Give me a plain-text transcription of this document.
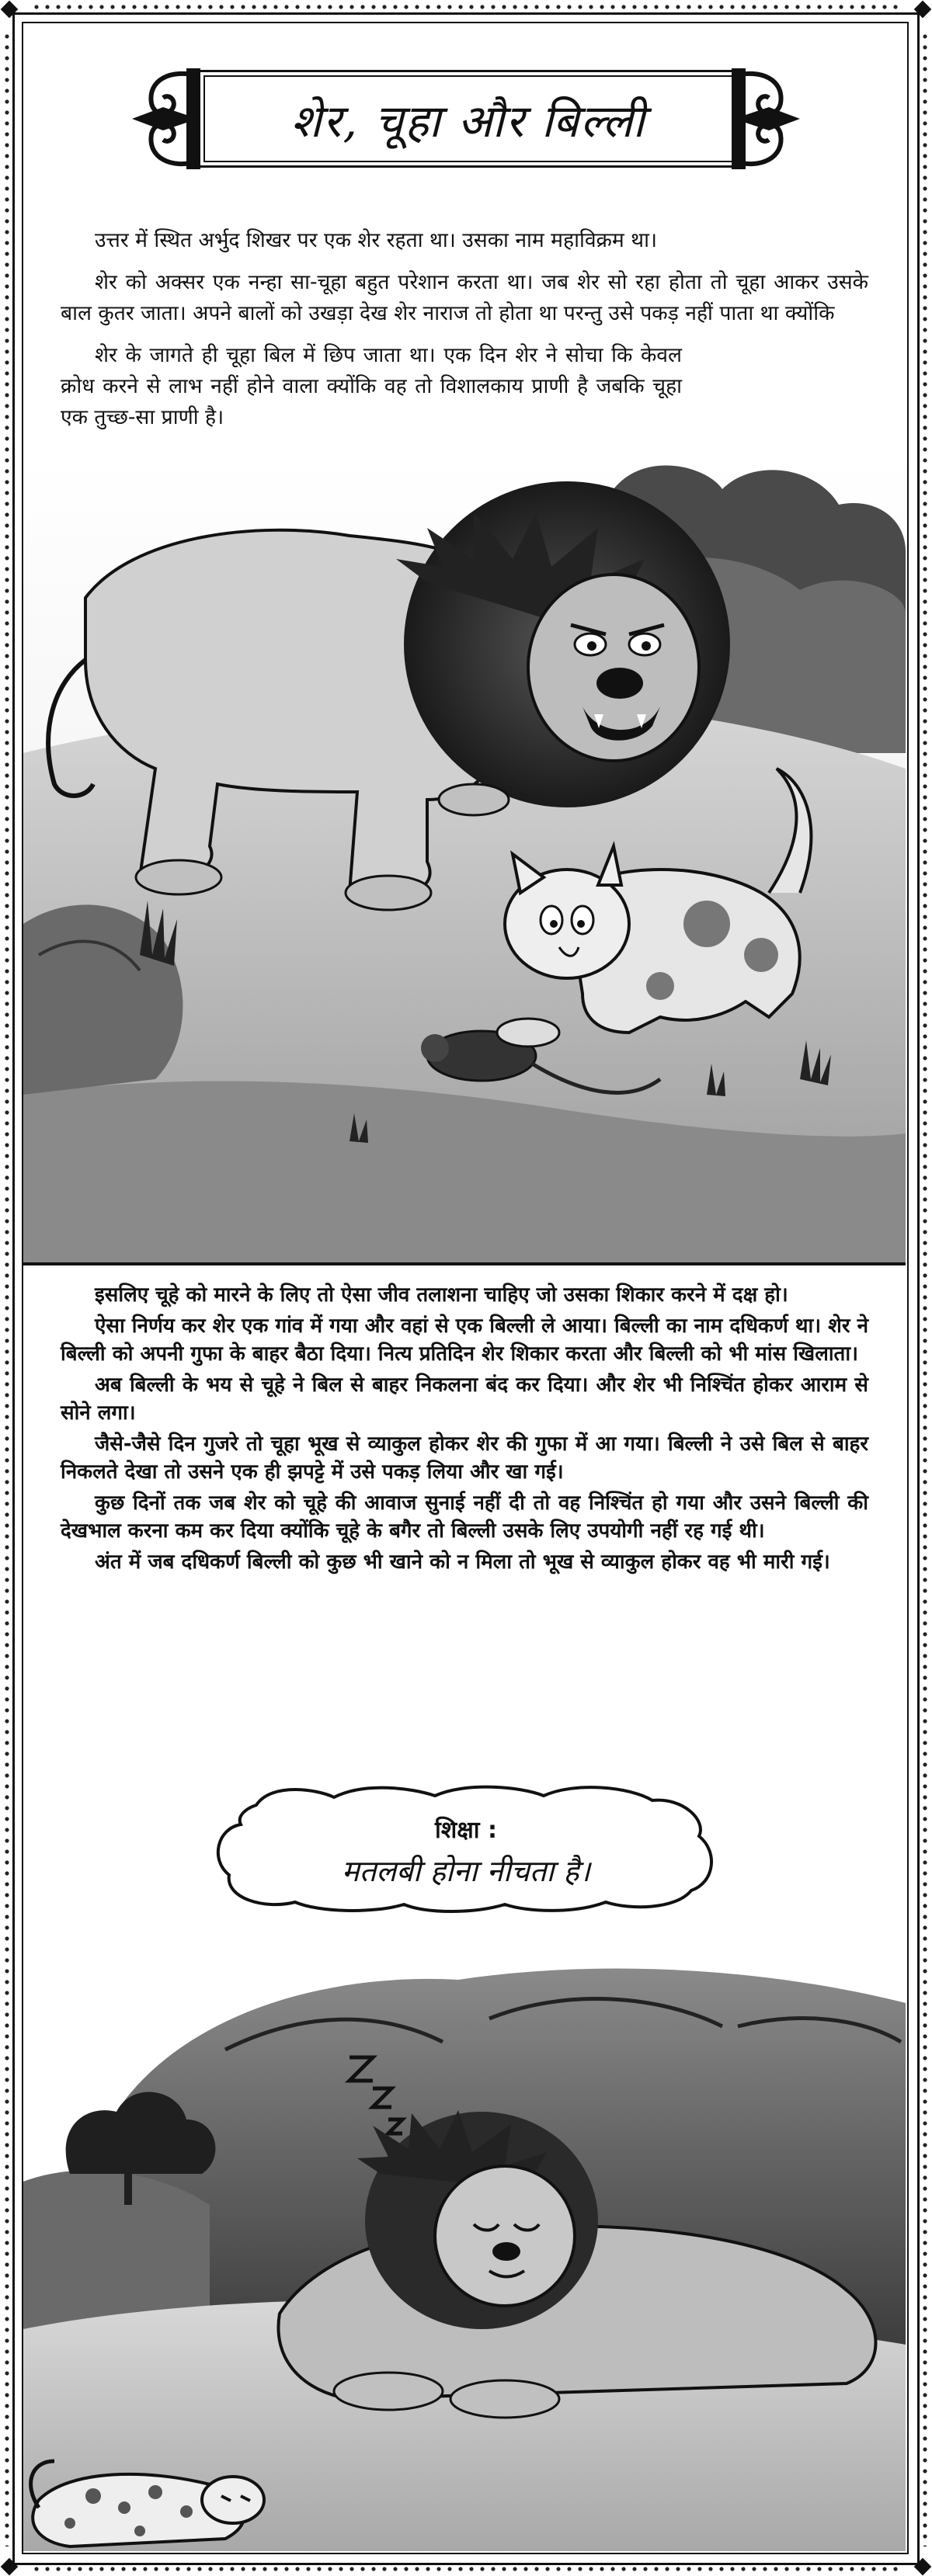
शेर, चूहा और बिल्ली

उत्तर में स्थित अर्भुद शिखर पर एक शेर रहता था। उसका नाम महाविक्रम था।

शेर को अक्सर एक नन्हा सा-चूहा बहुत परेशान करता था। जब शेर सो रहा होता तो चूहा आकर उसके बाल कुतर जाता। अपने बालों को उखड़ा देख शेर नाराज तो होता था परन्तु उसे पकड़ नहीं पाता था क्योंकि

शेर के जागते ही चूहा बिल में छिप जाता था। एक दिन शेर ने सोचा कि केवल क्रोध करने से लाभ नहीं होने वाला क्योंकि वह तो विशालकाय प्राणी है जबकि चूहा एक तुच्छ-सा प्राणी है।

इसलिए चूहे को मारने के लिए तो ऐसा जीव तलाशना चाहिए जो उसका शिकार करने में दक्ष हो।

ऐसा निर्णय कर शेर एक गांव में गया और वहां से एक बिल्ली ले आया। बिल्ली का नाम दधिकर्ण था। शेर ने बिल्ली को अपनी गुफा के बाहर बैठा दिया। नित्य प्रतिदिन शेर शिकार करता और बिल्ली को भी मांस खिलाता।

अब बिल्ली के भय से चूहे ने बिल से बाहर निकलना बंद कर दिया। और शेर भी निश्चिंत होकर आराम से सोने लगा।

जैसे-जैसे दिन गुजरे तो चूहा भूख से व्याकुल होकर शेर की गुफा में आ गया। बिल्ली ने उसे बिल से बाहर निकलते देखा तो उसने एक ही झपट्टे में उसे पकड़ लिया और खा गई।

कुछ दिनों तक जब शेर को चूहे की आवाज सुनाई नहीं दी तो वह निश्चिंत हो गया और उसने बिल्ली की देखभाल करना कम कर दिया क्योंकि चूहे के बगैर तो बिल्ली उसके लिए उपयोगी नहीं रह गई थी।

अंत में जब दधिकर्ण बिल्ली को कुछ भी खाने को न मिला तो भूख से व्याकुल होकर वह भी मारी गई।

शिक्षा :
मतलबी होना नीचता है।
